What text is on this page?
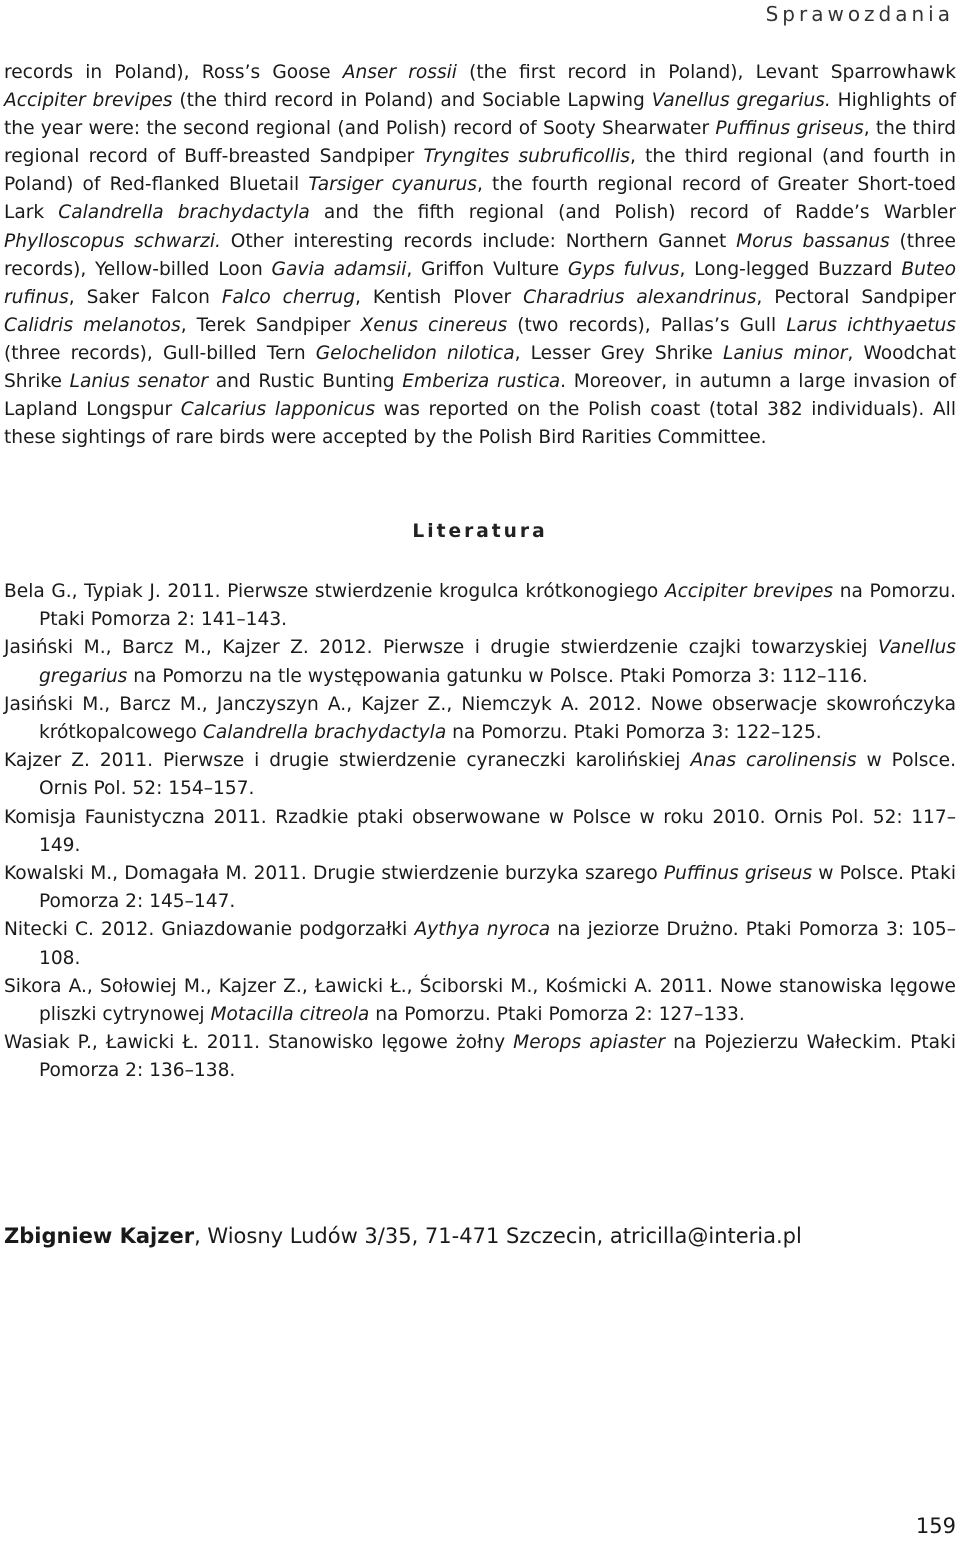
Sprawozdania

records in Poland), Ross’s Goose Anser rossii (the first record in Poland), Levant Sparrowhawk Accipiter brevipes (the third record in Poland) and Sociable Lapwing Vanellus gregarius. Highlights of the year were: the second regional (and Polish) record of Sooty Shearwater Puffinus griseus, the third regional record of Buff-breasted Sandpiper Tryngites subruficollis, the third regional (and fourth in Poland) of Red-flanked Bluetail Tarsiger cyanurus, the fourth regional record of Greater Short-toed Lark Calandrella brachydactyla and the fifth regional (and Polish) record of Radde’s Warbler Phylloscopus schwarzi. Other interesting records include: Northern Gannet Morus bassanus (three records), Yellow-billed Loon Gavia adamsii, Griffon Vulture Gyps fulvus, Long-legged Buzzard Buteo rufinus, Saker Falcon Falco cherrug, Kentish Plover Charadrius alexandrinus, Pectoral Sandpiper Calidris melanotos, Terek Sandpiper Xenus cinereus (two records), Pallas’s Gull Larus ichthyaetus (three records), Gull-billed Tern Gelochelidon nilotica, Lesser Grey Shrike Lanius minor, Woodchat Shrike Lanius senator and Rustic Bunting Emberiza rustica. Moreover, in autumn a large invasion of Lapland Longspur Calcarius lapponicus was reported on the Polish coast (total 382 individuals). All these sightings of rare birds were accepted by the Polish Bird Rarities Committee.

Literatura
Bela G., Typiak J. 2011. Pierwsze stwierdzenie krogulca krótkonogiego Accipiter brevipes na Pomorzu. Ptaki Pomorza 2: 141–143.
Jasiński M., Barcz M., Kajzer Z. 2012. Pierwsze i drugie stwierdzenie czajki towarzyskiej Vanellus gregarius na Pomorzu na tle występowania gatunku w Polsce. Ptaki Pomorza 3: 112–116.
Jasiński M., Barcz M., Janczyszyn A., Kajzer Z., Niemczyk A. 2012. Nowe obserwacje skowrończyka krótkopalcowego Calandrella brachydactyla na Pomorzu. Ptaki Pomorza 3: 122–125.
Kajzer Z. 2011. Pierwsze i drugie stwierdzenie cyraneczki karolińskiej Anas carolinensis w Polsce. Ornis Pol. 52: 154–157.
Komisja Faunistyczna 2011. Rzadkie ptaki obserwowane w Polsce w roku 2010. Ornis Pol. 52: 117–149.
Kowalski M., Domagała M. 2011. Drugie stwierdzenie burzyka szarego Puffinus griseus w Polsce. Ptaki Pomorza 2: 145–147.
Nitecki C. 2012. Gniazdowanie podgorzałki Aythya nyroca na jeziorze Drużno. Ptaki Pomorza 3: 105–108.
Sikora A., Sołowiej M., Kajzer Z., Ławicki Ł., Ściborski M., Kośmicki A. 2011. Nowe stanowiska lęgowe pliszki cytrynowej Motacilla citreola na Pomorzu. Ptaki Pomorza 2: 127–133.
Wasiak P., Ławicki Ł. 2011. Stanowisko lęgowe żołny Merops apiaster na Pojezierzu Wałeckim. Ptaki Pomorza 2: 136–138.
Zbigniew Kajzer, Wiosny Ludów 3/35, 71-471 Szczecin, atricilla@interia.pl
159
